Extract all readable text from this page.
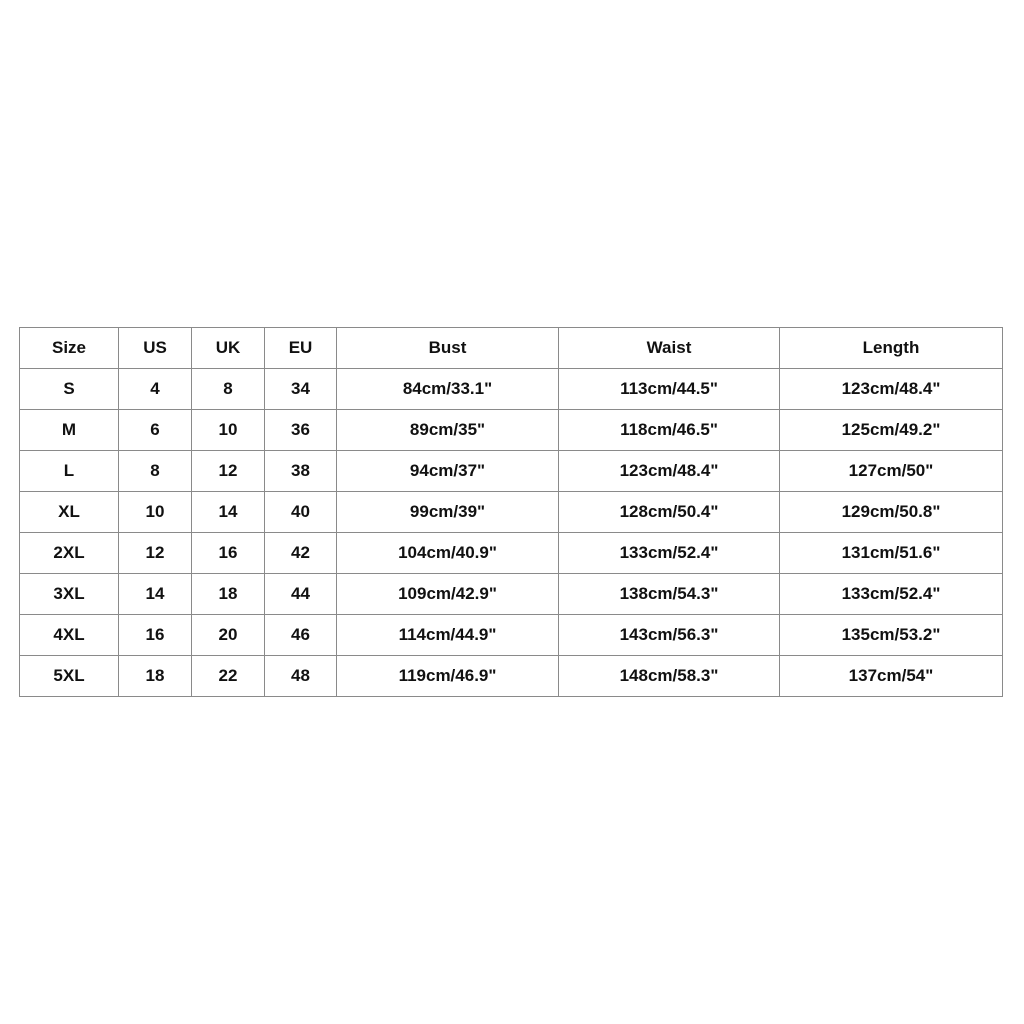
Size	US	UK	EU	Bust	Waist	Length
S	4	8	34	84cm/33.1"	113cm/44.5"	123cm/48.4"
M	6	10	36	89cm/35"	118cm/46.5"	125cm/49.2"
L	8	12	38	94cm/37"	123cm/48.4"	127cm/50"
XL	10	14	40	99cm/39"	128cm/50.4"	129cm/50.8"
2XL	12	16	42	104cm/40.9"	133cm/52.4"	131cm/51.6"
3XL	14	18	44	109cm/42.9"	138cm/54.3"	133cm/52.4"
4XL	16	20	46	114cm/44.9"	143cm/56.3"	135cm/53.2"
5XL	18	22	48	119cm/46.9"	148cm/58.3"	137cm/54"
